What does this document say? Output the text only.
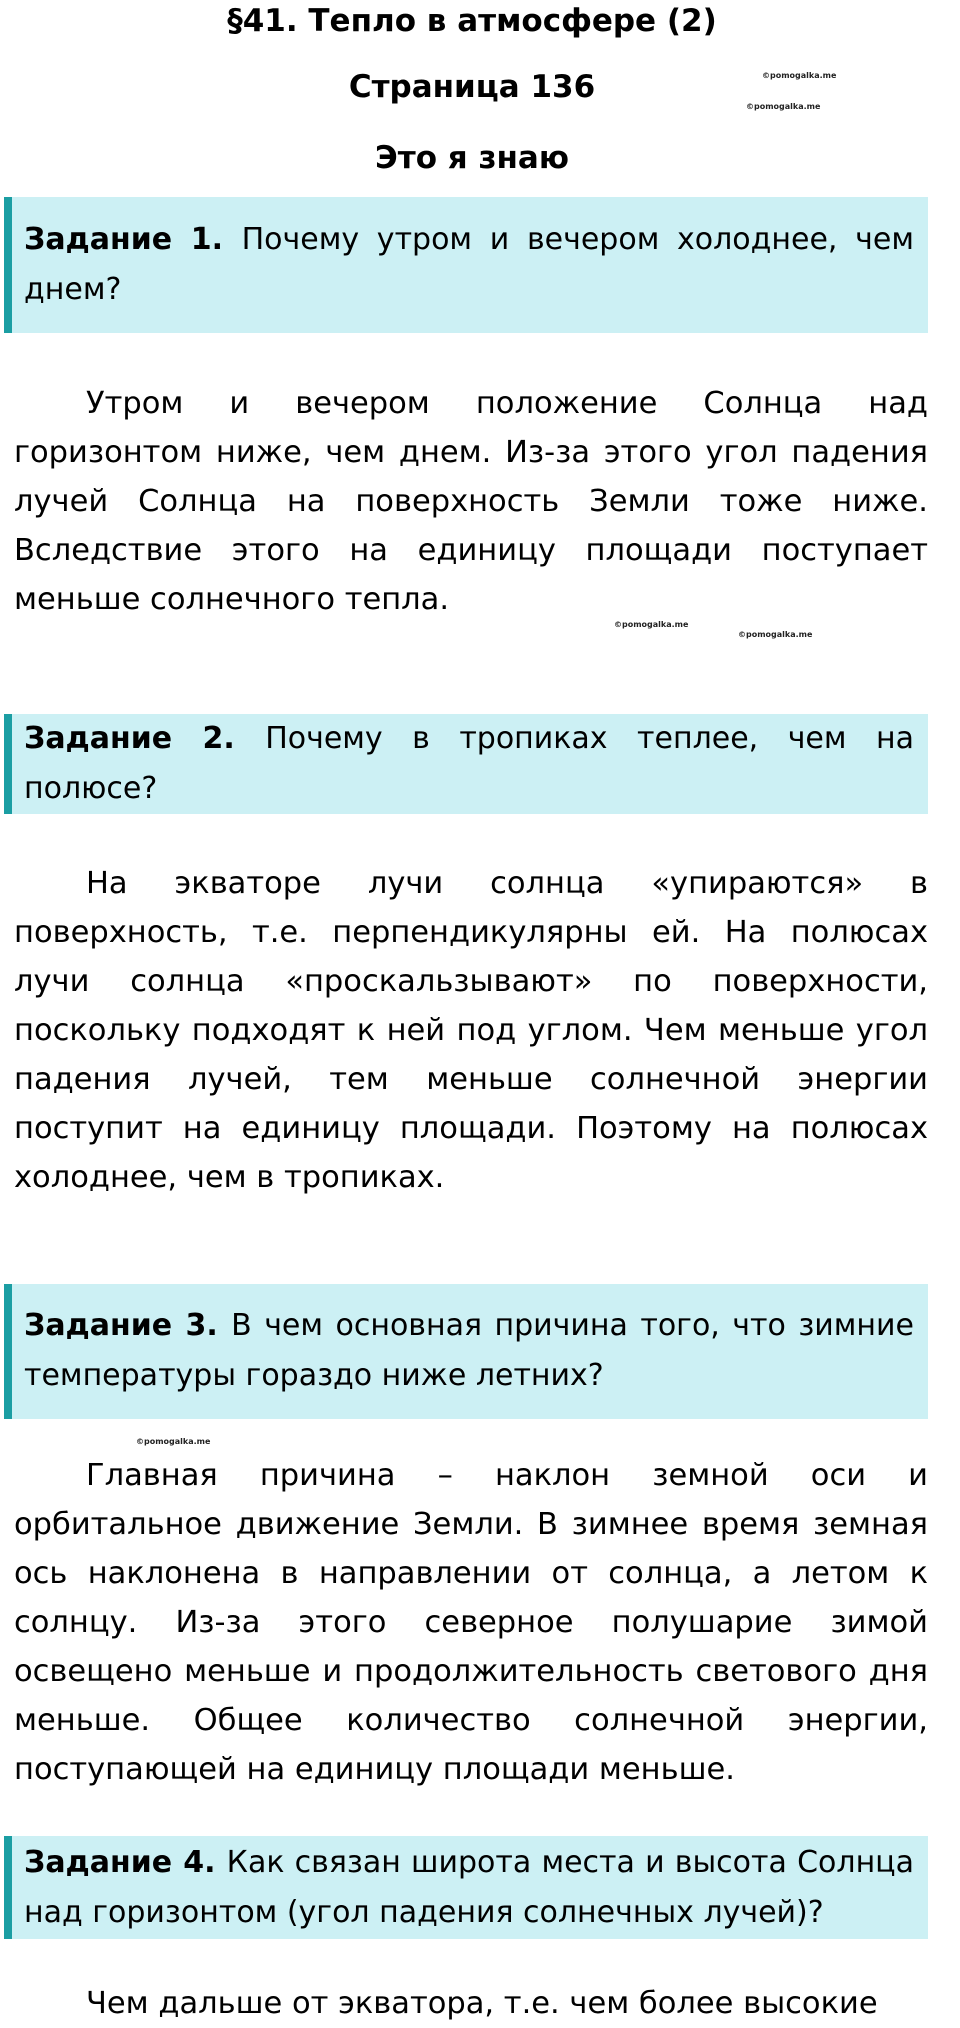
§41. Тепло в атмосфере (2)
Страница 136
Это я знаю
©pomogalka.me
©pomogalka.me
©pomogalka.me
©pomogalka.me
©pomogalka.me
Задание 1. Почему утром и вечером холоднее, чем днем?
Утром и вечером положение Солнца над горизонтом ниже, чем днем. Из-за этого угол падения лучей Солнца на поверхность Земли тоже ниже. Вследствие этого на единицу площади поступает меньше солнечного тепла.
Задание 2. Почему в тропиках теплее, чем на полюсе?
На экваторе лучи солнца «упираются» в поверхность, т.е. перпендикулярны ей. На полюсах лучи солнца «проскальзывают» по поверхности, поскольку подходят к ней под углом. Чем меньше угол падения лучей, тем меньше солнечной энергии поступит на единицу площади. Поэтому на полюсах холоднее, чем в тропиках.
Задание 3. В чем основная причина того, что зимние температуры гораздо ниже летних?
Главная причина – наклон земной оси и орбитальное движение Земли. В зимнее время земная ось наклонена в направлении от солнца, а летом к солнцу. Из-за этого северное полушарие зимой освещено меньше и продолжительность светового дня меньше. Общее количество солнечной энергии, поступающей на единицу площади меньше.
Задание 4. Как связан широта места и высота Солнца над горизонтом (угол падения солнечных лучей)?
Чем дальше от экватора, т.е. чем более высокие
